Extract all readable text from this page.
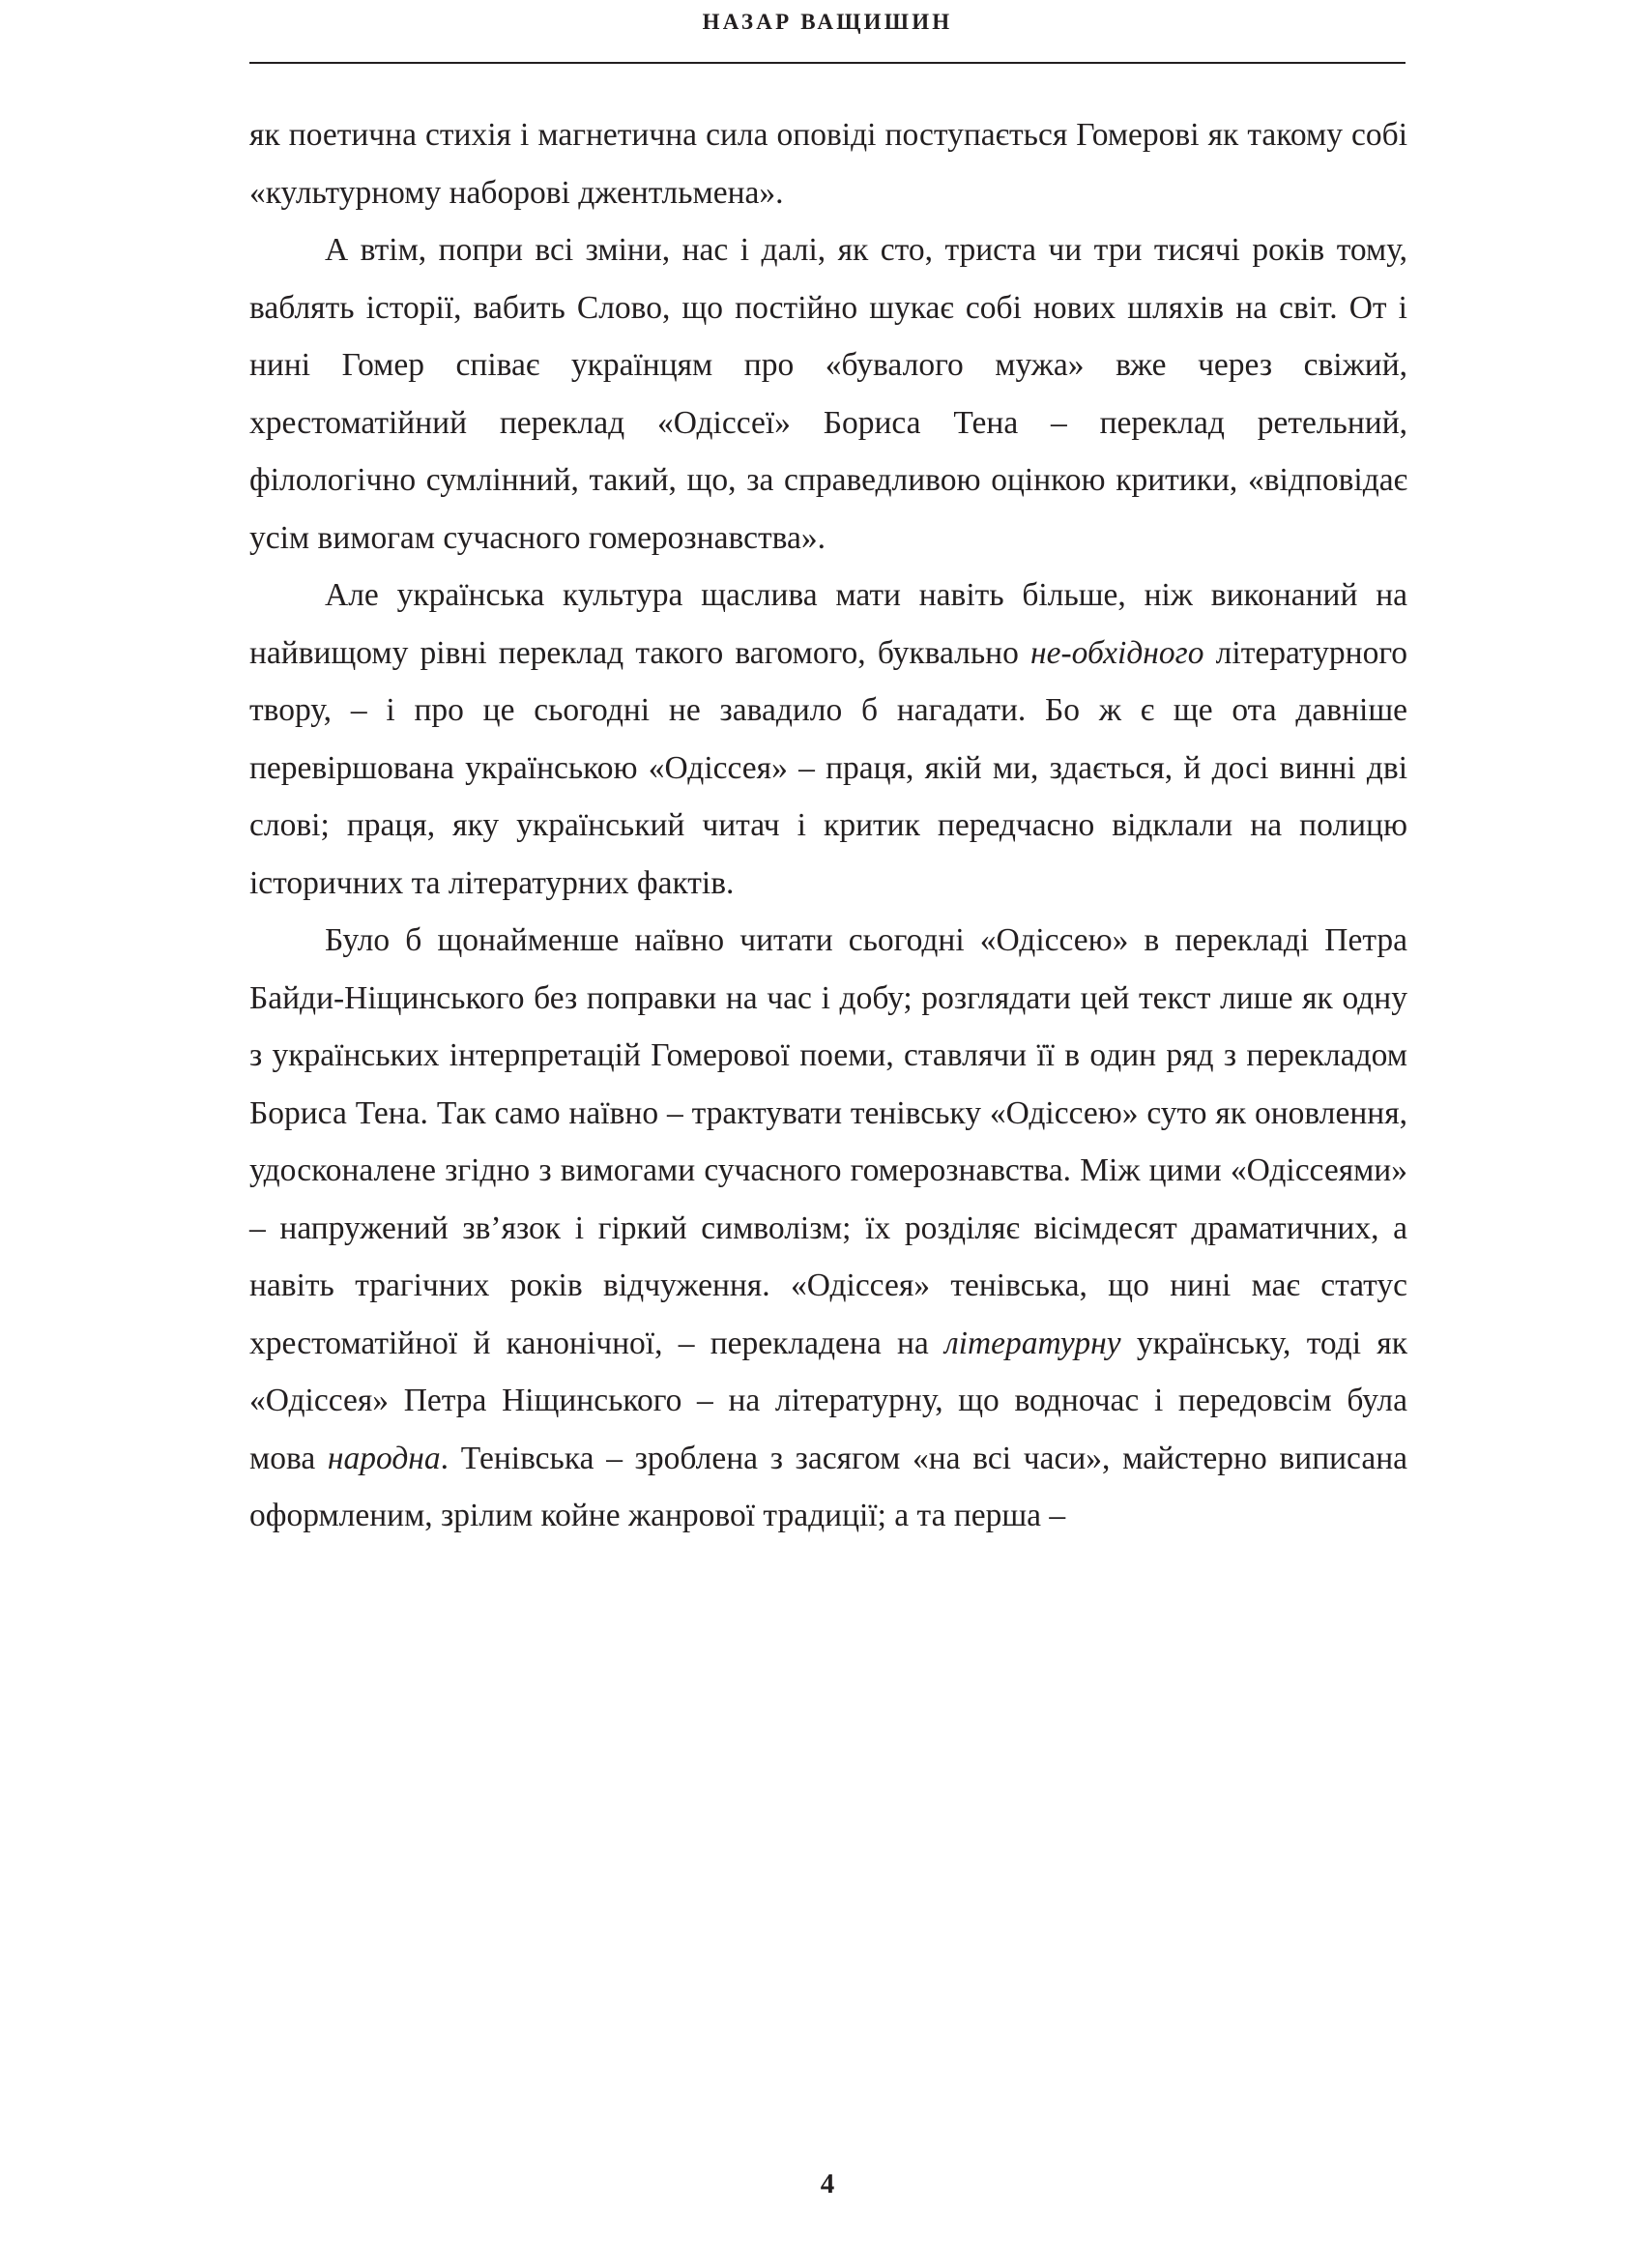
НАЗАР ВАЩИШИН

як поетична стихія і магнетична сила оповіді поступається Гомерові як такому собі «культурному наборові джентльмена».

А втім, попри всі зміни, нас і далі, як сто, триста чи три тисячі років тому, ваблять історії, вабить Слово, що постійно шукає собі нових шляхів на світ. От і нині Гомер співає українцям про «бувалого мужа» вже через свіжий, хрестоматійний переклад «Одіссеї» Бориса Тена – переклад ретельний, філологічно сумлінний, такий, що, за справедливою оцінкою критики, «відповідає усім вимогам сучасного гомерознавства».

Але українська культура щаслива мати навіть більше, ніж виконаний на найвищому рівні переклад такого вагомого, буквально не-обхідного літературного твору, – і про це сьогодні не завадило б нагадати. Бо ж є ще ота давніше перевіршована українською «Одіссея» – праця, якій ми, здається, й досі винні дві слові; праця, яку український читач і критик передчасно відклали на полицю історичних та літературних фактів.

Було б щонайменше наївно читати сьогодні «Одіссею» в перекладі Петра Байди-Ніщинського без поправки на час і добу; розглядати цей текст лише як одну з українських інтерпретацій Гомерової поеми, ставлячи її в один ряд з перекладом Бориса Тена. Так само наївно – трактувати тенівську «Одіссею» суто як оновлення, удосконалене згідно з вимогами сучасного гомерознавства. Між цими «Одіссеями» – напружений зв’язок і гіркий символізм; їх розділяє вісімдесят драматичних, а навіть трагічних років відчуження. «Одіссея» тенівська, що нині має статус хрестоматійної й канонічної, – перекладена на літературну українську, тоді як «Одіссея» Петра Ніщинського – на літературну, що водночас і передовсім була мова народна. Тенівська – зроблена з засягом «на всі часи», майстерно виписана оформленим, зрілим койне жанрової традиції; а та перша –

4
